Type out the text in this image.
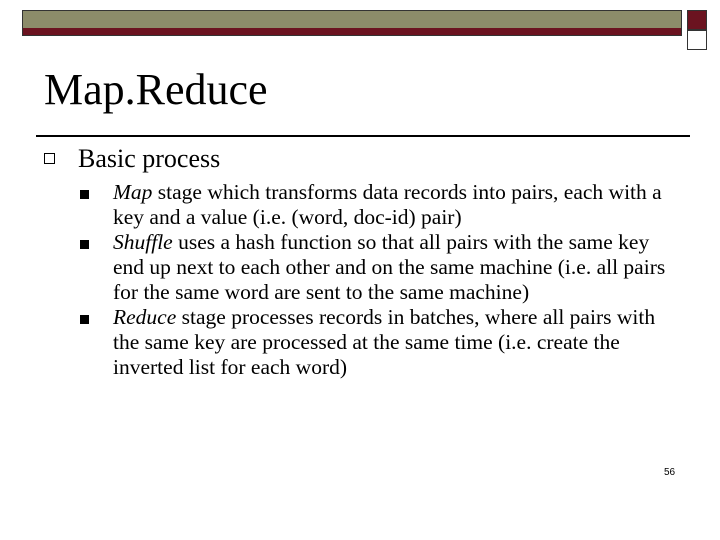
Map.Reduce
Basic process
Map stage which transforms data records into pairs, each with a key and a value (i.e. (word, doc-id) pair)
Shuffle uses a hash function so that all pairs with the same key end up next to each other and on the same machine (i.e. all pairs for the same word are sent to the same machine)
Reduce stage processes records in batches, where all pairs with the same key are processed at the same time (i.e. create the inverted list for each word)
56
